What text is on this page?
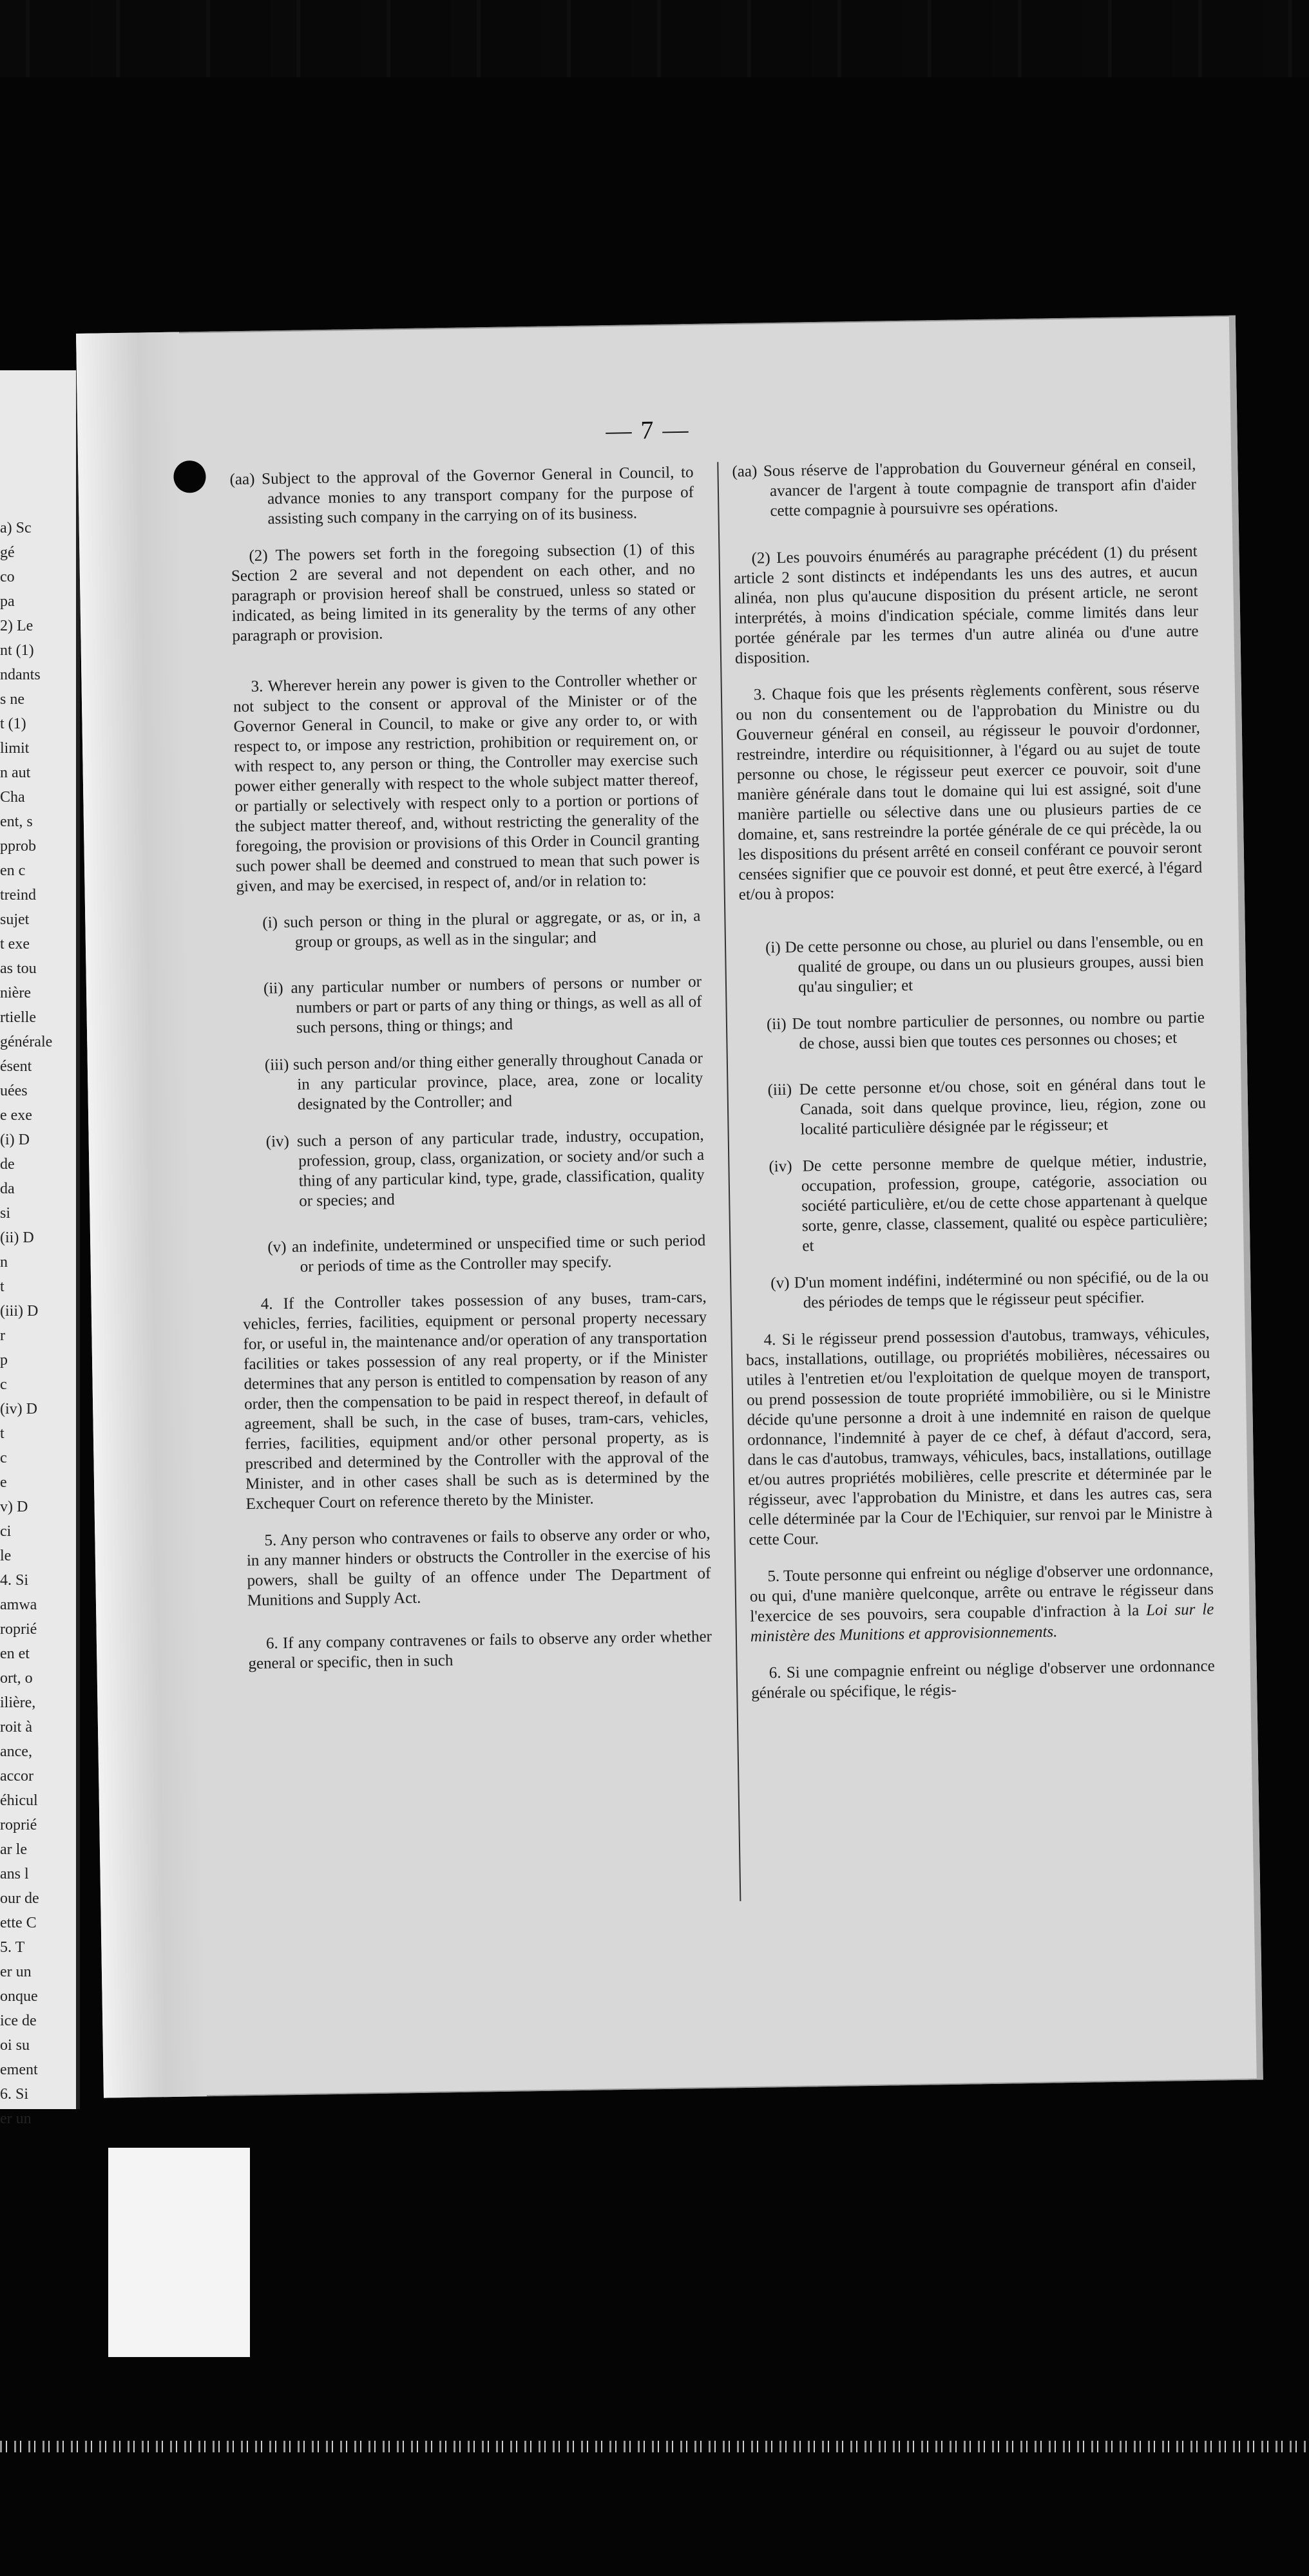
a) Sc
gé
co
pa
2) Le
nt (1)
ndants
s ne
t (1)
limit
n aut
Cha
ent, s
pprob
en c
treind
sujet
t exe
as tou
nière
rtielle
générale
ésent
uées
e exe
(i) D
de
da
si
(ii) D
n
t
(iii) D
r
p
c
(iv) D
t
c
e
v) D
ci
le
4. Si
amwa
roprié
en et
ort, o
ilière,
roit à
ance,
accor
éhicul
roprié
ar le
ans l
our de
ette C
5. T
er un
onque
ice de
oi su
ement
6. Si
er un
— 7 —

(aa) Subject to the approval of the Governor General in Council, to advance monies to any transport company for the purpose of assisting such company in the carrying on of its business.

(2) The powers set forth in the foregoing subsection (1) of this Section 2 are several and not dependent on each other, and no paragraph or provision hereof shall be construed, unless so stated or indicated, as being limited in its generality by the terms of any other paragraph or provision.

3. Wherever herein any power is given to the Controller whether or not subject to the consent or approval of the Minister or of the Governor General in Council, to make or give any order to, or with respect to, or impose any restriction, prohibition or requirement on, or with respect to, any person or thing, the Controller may exercise such power either generally with respect to the whole subject matter thereof, or partially or selectively with respect only to a portion or portions of the subject matter thereof, and, without restricting the generality of the foregoing, the provision or provisions of this Order in Council granting such power shall be deemed and construed to mean that such power is given, and may be exercised, in respect of, and/or in relation to:

(i) such person or thing in the plural or aggregate, or as, or in, a group or groups, as well as in the singular; and

(ii) any particular number or numbers of persons or number or numbers or part or parts of any thing or things, as well as all of such persons, thing or things; and

(iii) such person and/or thing either generally throughout Canada or in any particular province, place, area, zone or locality designated by the Controller; and

(iv) such a person of any particular trade, industry, occupation, profession, group, class, organization, or society and/or such a thing of any particular kind, type, grade, classification, quality or species; and

(v) an indefinite, undetermined or unspecified time or such period or periods of time as the Controller may specify.

4. If the Controller takes possession of any buses, tram-cars, vehicles, ferries, facilities, equipment or personal property necessary for, or useful in, the maintenance and/or operation of any transportation facilities or takes possession of any real property, or if the Minister determines that any person is entitled to compensation by reason of any order, then the compensation to be paid in respect thereof, in default of agreement, shall be such, in the case of buses, tram-cars, vehicles, ferries, facilities, equipment and/or other personal property, as is prescribed and determined by the Controller with the approval of the Minister, and in other cases shall be such as is determined by the Exchequer Court on reference thereto by the Minister.

5. Any person who contravenes or fails to observe any order or who, in any manner hinders or obstructs the Controller in the exercise of his powers, shall be guilty of an offence under The Department of Munitions and Supply Act.

6. If any company contravenes or fails to observe any order whether general or specific, then in such

(aa) Sous réserve de l'approbation du Gouverneur général en conseil, avancer de l'argent à toute compagnie de transport afin d'aider cette compagnie à poursuivre ses opérations.

(2) Les pouvoirs énumérés au paragraphe précédent (1) du présent article 2 sont distincts et indépendants les uns des autres, et aucun alinéa, non plus qu'aucune disposition du présent article, ne seront interprétés, à moins d'indication spéciale, comme limités dans leur portée générale par les termes d'un autre alinéa ou d'une autre disposition.

3. Chaque fois que les présents règlements confèrent, sous réserve ou non du consentement ou de l'approbation du Ministre ou du Gouverneur général en conseil, au régisseur le pouvoir d'ordonner, restreindre, interdire ou réquisitionner, à l'égard ou au sujet de toute personne ou chose, le régisseur peut exercer ce pouvoir, soit d'une manière générale dans tout le domaine qui lui est assigné, soit d'une manière partielle ou sélective dans une ou plusieurs parties de ce domaine, et, sans restreindre la portée générale de ce qui précède, la ou les dispositions du présent arrêté en conseil conférant ce pouvoir seront censées signifier que ce pouvoir est donné, et peut être exercé, à l'égard et/ou à propos:

(i) De cette personne ou chose, au pluriel ou dans l'ensemble, ou en qualité de groupe, ou dans un ou plusieurs groupes, aussi bien qu'au singulier; et

(ii) De tout nombre particulier de personnes, ou nombre ou partie de chose, aussi bien que toutes ces personnes ou choses; et

(iii) De cette personne et/ou chose, soit en général dans tout le Canada, soit dans quelque province, lieu, région, zone ou localité particulière désignée par le régisseur; et

(iv) De cette personne membre de quelque métier, industrie, occupation, profession, groupe, catégorie, association ou société particulière, et/ou de cette chose appartenant à quelque sorte, genre, classe, classement, qualité ou espèce particulière; et

(v) D'un moment indéfini, indéterminé ou non spécifié, ou de la ou des périodes de temps que le régisseur peut spécifier.

4. Si le régisseur prend possession d'autobus, tramways, véhicules, bacs, installations, outillage, ou propriétés mobilières, nécessaires ou utiles à l'entretien et/ou l'exploitation de quelque moyen de transport, ou prend possession de toute propriété immobilière, ou si le Ministre décide qu'une personne a droit à une indemnité en raison de quelque ordonnance, l'indemnité à payer de ce chef, à défaut d'accord, sera, dans le cas d'autobus, tramways, véhicules, bacs, installations, outillage et/ou autres propriétés mobilières, celle prescrite et déterminée par le régisseur, avec l'approbation du Ministre, et dans les autres cas, sera celle déterminée par la Cour de l'Echiquier, sur renvoi par le Ministre à cette Cour.

5. Toute personne qui enfreint ou néglige d'observer une ordonnance, ou qui, d'une manière quelconque, arrête ou entrave le régisseur dans l'exercice de ses pouvoirs, sera coupable d'infraction à la Loi sur le ministère des Munitions et approvisionnements.

6. Si une compagnie enfreint ou néglige d'observer une ordonnance générale ou spécifique, le régis-
